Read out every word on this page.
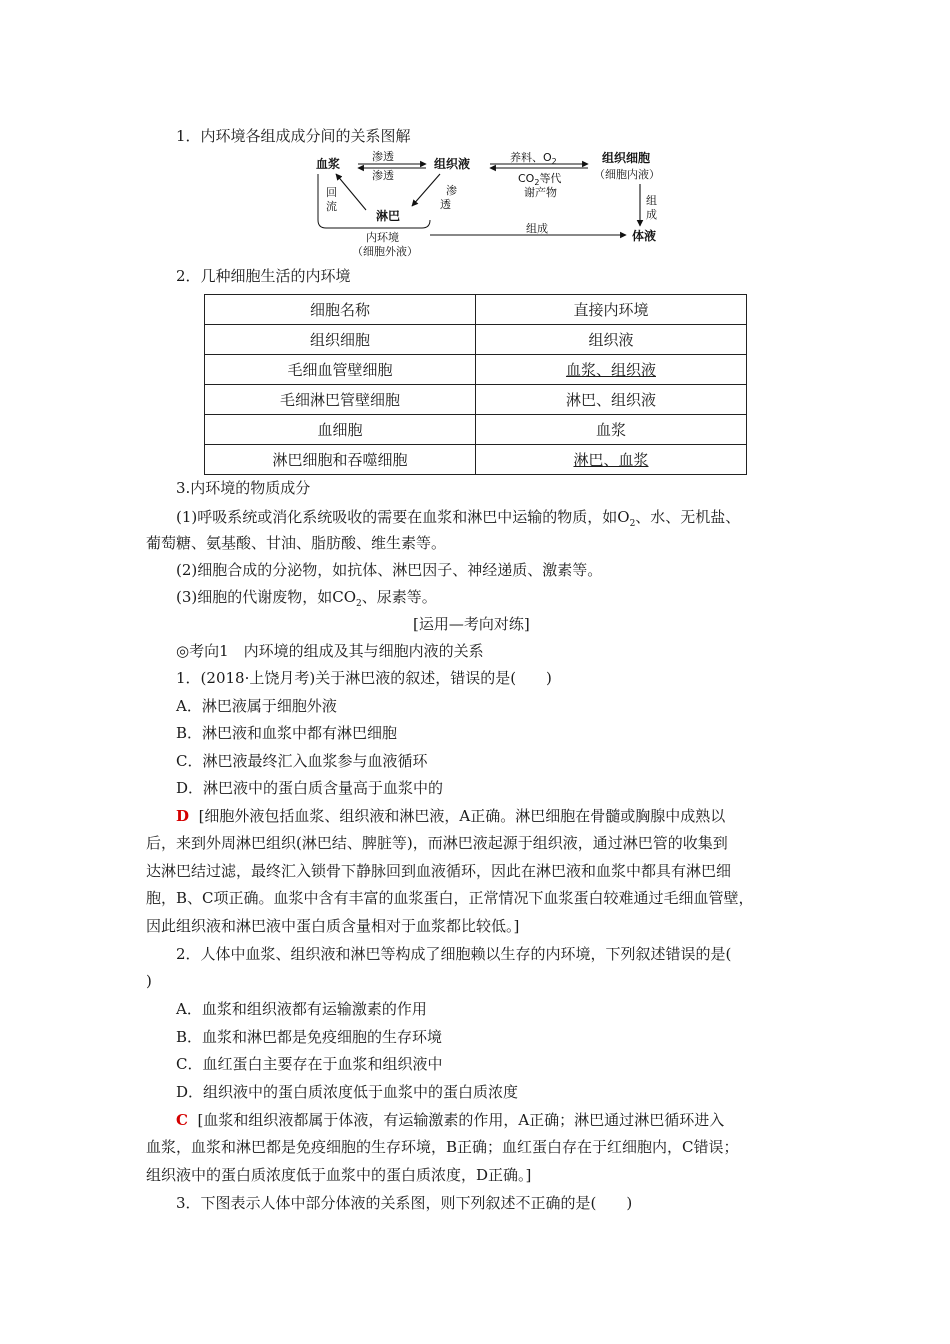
1．内环境各组成成分间的关系图解
血浆
渗透
渗透
组织液	养料、$O_2$
$CO_2$等代
谢产物
组织细胞
（细胞内液）
回
流
渗
透
淋巴
内环境
（细胞外液）
组成
组
成
体液
2．几种细胞生活的内环境
细胞名称	直接内环境
组织细胞	组织液
毛细血管壁细胞	血浆、组织液
毛细淋巴管壁细胞	淋巴、组织液
血细胞	血浆
淋巴细胞和吞噬细胞	淋巴、血浆
3.内环境的物质成分
(1)呼吸系统或消化系统吸收的需要在血浆和淋巴中运输的物质，如$O_2$、水、无机盐、
葡萄糖、氨基酸、甘油、脂肪酸、维生素等。
(2)细胞合成的分泌物，如抗体、淋巴因子、神经递质、激素等。
(3)细胞的代谢废物，如$CO_2$、尿素等。
[运用—考向对练]
◎考向1　内环境的组成及其与细胞内液的关系
1．(2018·上饶月考)关于淋巴液的叙述，错误的是(　　)
A．淋巴液属于细胞外液
B．淋巴液和血浆中都有淋巴细胞
C．淋巴液最终汇入血浆参与血液循环
D．淋巴液中的蛋白质含量高于血浆中的
D [细胞外液包括血浆、组织液和淋巴液，A正确。淋巴细胞在骨髓或胸腺中成熟以
后，来到外周淋巴组织(淋巴结、脾脏等)，而淋巴液起源于组织液，通过淋巴管的收集到
达淋巴结过滤，最终汇入锁骨下静脉回到血液循环，因此在淋巴液和血浆中都具有淋巴细
胞，B、C项正确。血浆中含有丰富的血浆蛋白，正常情况下血浆蛋白较难通过毛细血管壁，
因此组织液和淋巴液中蛋白质含量相对于血浆都比较低。]
2．人体中血浆、组织液和淋巴等构成了细胞赖以生存的内环境，下列叙述错误的是(
)
A．血浆和组织液都有运输激素的作用
B．血浆和淋巴都是免疫细胞的生存环境
C．血红蛋白主要存在于血浆和组织液中
D．组织液中的蛋白质浓度低于血浆中的蛋白质浓度
C [血浆和组织液都属于体液，有运输激素的作用，A正确；淋巴通过淋巴循环进入
血浆，血浆和淋巴都是免疫细胞的生存环境，B正确；血红蛋白存在于红细胞内，C错误；
组织液中的蛋白质浓度低于血浆中的蛋白质浓度，D正确。]
3．下图表示人体中部分体液的关系图，则下列叙述不正确的是(　　)
